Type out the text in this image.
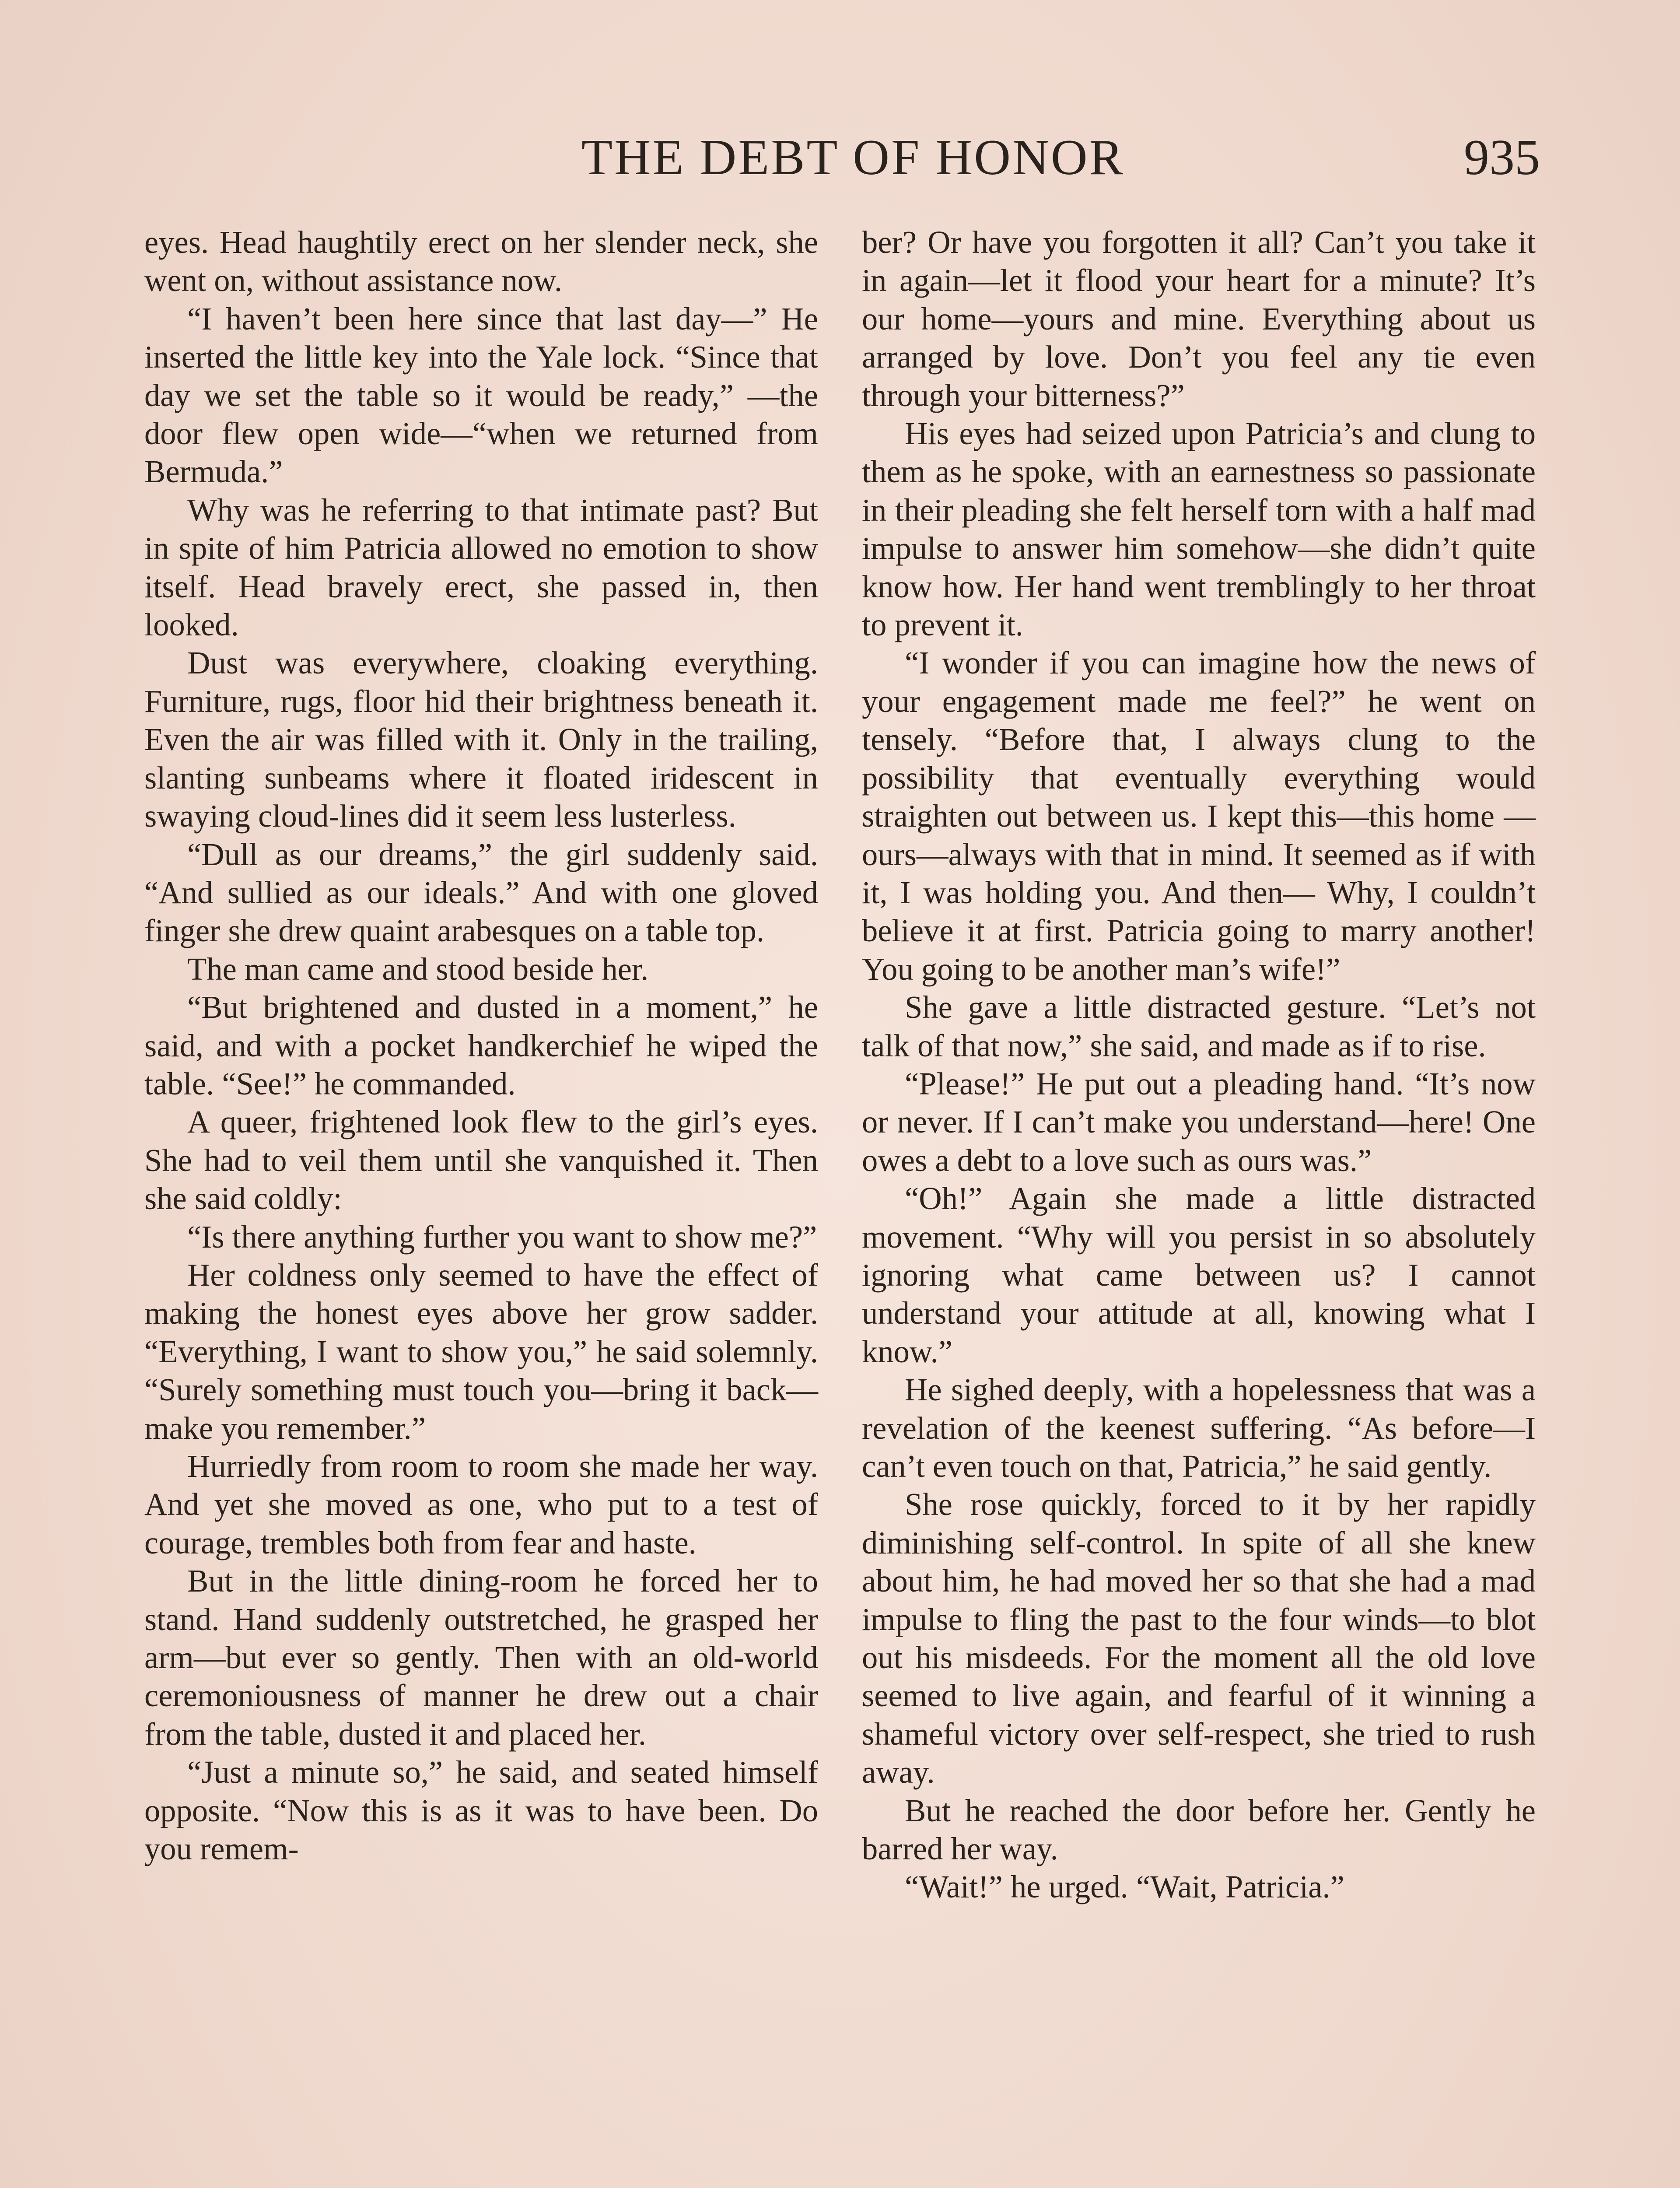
THE DEBT OF HONOR	935

eyes. Head haughtily erect on her slender neck, she went on, without assistance now.

“I haven’t been here since that last day—” He inserted the little key into the Yale lock. “Since that day we set the table so it would be ready,” —the door flew open wide—“when we returned from Bermuda.”

Why was he referring to that intimate past? But in spite of him Patricia allowed no emotion to show itself. Head bravely erect, she passed in, then looked.

Dust was everywhere, cloaking everything. Furniture, rugs, floor hid their brightness beneath it. Even the air was filled with it. Only in the trailing, slanting sunbeams where it floated iridescent in swaying cloud-lines did it seem less lusterless.

“Dull as our dreams,” the girl suddenly said. “And sullied as our ideals.” And with one gloved finger she drew quaint arabesques on a table top.

The man came and stood beside her.

“But brightened and dusted in a moment,” he said, and with a pocket handkerchief he wiped the table. “See!” he commanded.

A queer, frightened look flew to the girl’s eyes. She had to veil them until she vanquished it. Then she said coldly:

“Is there anything further you want to show me?”

Her coldness only seemed to have the effect of making the honest eyes above her grow sadder. “Everything, I want to show you,” he said solemnly. “Surely something must touch you—bring it back—make you remember.”

Hurriedly from room to room she made her way. And yet she moved as one, who put to a test of courage, trembles both from fear and haste.

But in the little dining-room he forced her to stand. Hand suddenly outstretched, he grasped her arm—but ever so gently. Then with an old-world ceremoniousness of manner he drew out a chair from the table, dusted it and placed her.

“Just a minute so,” he said, and seated himself opposite. “Now this is as it was to have been. Do you remem-

ber? Or have you forgotten it all? Can’t you take it in again—let it flood your heart for a minute? It’s our home—yours and mine. Everything about us arranged by love. Don’t you feel any tie even through your bitterness?”

His eyes had seized upon Patricia’s and clung to them as he spoke, with an earnestness so passionate in their pleading she felt herself torn with a half mad impulse to answer him somehow—she didn’t quite know how. Her hand went tremblingly to her throat to prevent it.

“I wonder if you can imagine how the news of your engagement made me feel?” he went on tensely. “Before that, I always clung to the possibility that eventually everything would straighten out between us. I kept this—this home —ours—always with that in mind. It seemed as if with it, I was holding you. And then— Why, I couldn’t believe it at first. Patricia going to marry another! You going to be another man’s wife!”

She gave a little distracted gesture. “Let’s not talk of that now,” she said, and made as if to rise.

“Please!” He put out a pleading hand. “It’s now or never. If I can’t make you understand—here! One owes a debt to a love such as ours was.”

“Oh!” Again she made a little distracted movement. “Why will you persist in so absolutely ignoring what came between us? I cannot understand your attitude at all, knowing what I know.”

He sighed deeply, with a hopelessness that was a revelation of the keenest suffering. “As before—I can’t even touch on that, Patricia,” he said gently.

She rose quickly, forced to it by her rapidly diminishing self-control. In spite of all she knew about him, he had moved her so that she had a mad impulse to fling the past to the four winds—to blot out his misdeeds. For the moment all the old love seemed to live again, and fearful of it winning a shameful victory over self-respect, she tried to rush away.

But he reached the door before her. Gently he barred her way.

“Wait!” he urged. “Wait, Patricia.”
